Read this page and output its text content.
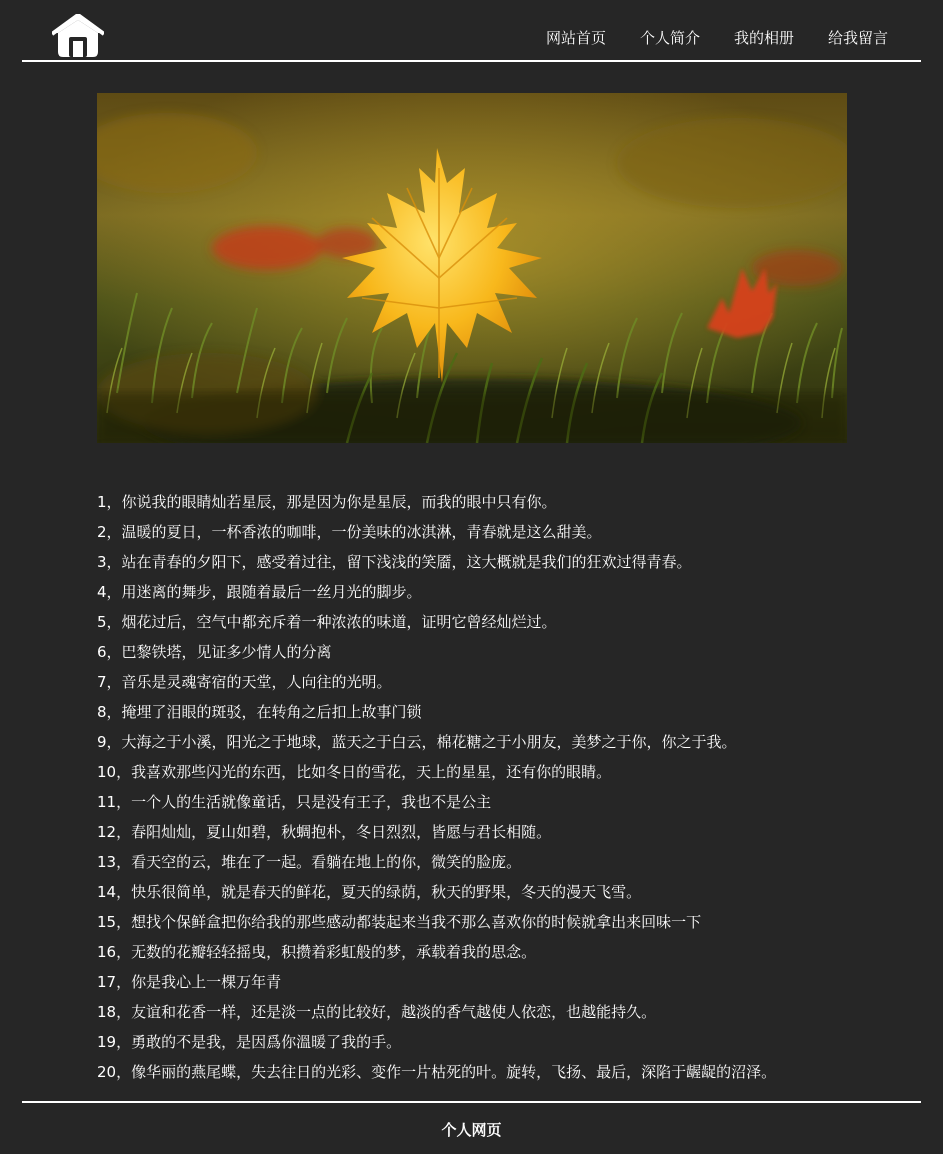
网站首页 个人简介 我的相册 给我留言
1，你说我的眼睛灿若星辰，那是因为你是星辰，而我的眼中只有你。
2，温暖的夏日，一杯香浓的咖啡，一份美味的冰淇淋，青春就是这么甜美。
3，站在青春的夕阳下，感受着过往，留下浅浅的笑靥，这大概就是我们的狂欢过得青春。
4，用迷离的舞步，跟随着最后一丝月光的脚步。
5，烟花过后，空气中都充斥着一种浓浓的味道，证明它曾经灿烂过。
6，巴黎铁塔，见证多少情人的分离
7，音乐是灵魂寄宿的天堂，人向往的光明。
8，掩埋了泪眼的斑驳，在转角之后扣上故事门锁
9，大海之于小溪，阳光之于地球，蓝天之于白云，棉花糖之于小朋友，美梦之于你，你之于我。
10，我喜欢那些闪光的东西，比如冬日的雪花，天上的星星，还有你的眼睛。
11，一个人的生活就像童话，只是没有王子，我也不是公主
12，春阳灿灿，夏山如碧，秋蜩抱朴，冬日烈烈，皆愿与君长相随。
13，看天空的云，堆在了一起。看躺在地上的你，微笑的脸庞。
14，快乐很简单，就是春天的鲜花，夏天的绿荫，秋天的野果，冬天的漫天飞雪。
15，想找个保鲜盒把你给我的那些感动都装起来当我不那么喜欢你的时候就拿出来回味一下
16，无数的花瓣轻轻摇曳，积攒着彩虹般的梦，承载着我的思念。
17，你是我心上一棵万年青
18，友谊和花香一样，还是淡一点的比较好，越淡的香气越使人依恋，也越能持久。
19，勇敢的不是我，是因爲你溫暖了我的手。
20，像华丽的燕尾蝶，失去往日的光彩、变作一片枯死的叶。旋转，飞扬、最后，深陷于龌龊的沼泽。
个人网页
